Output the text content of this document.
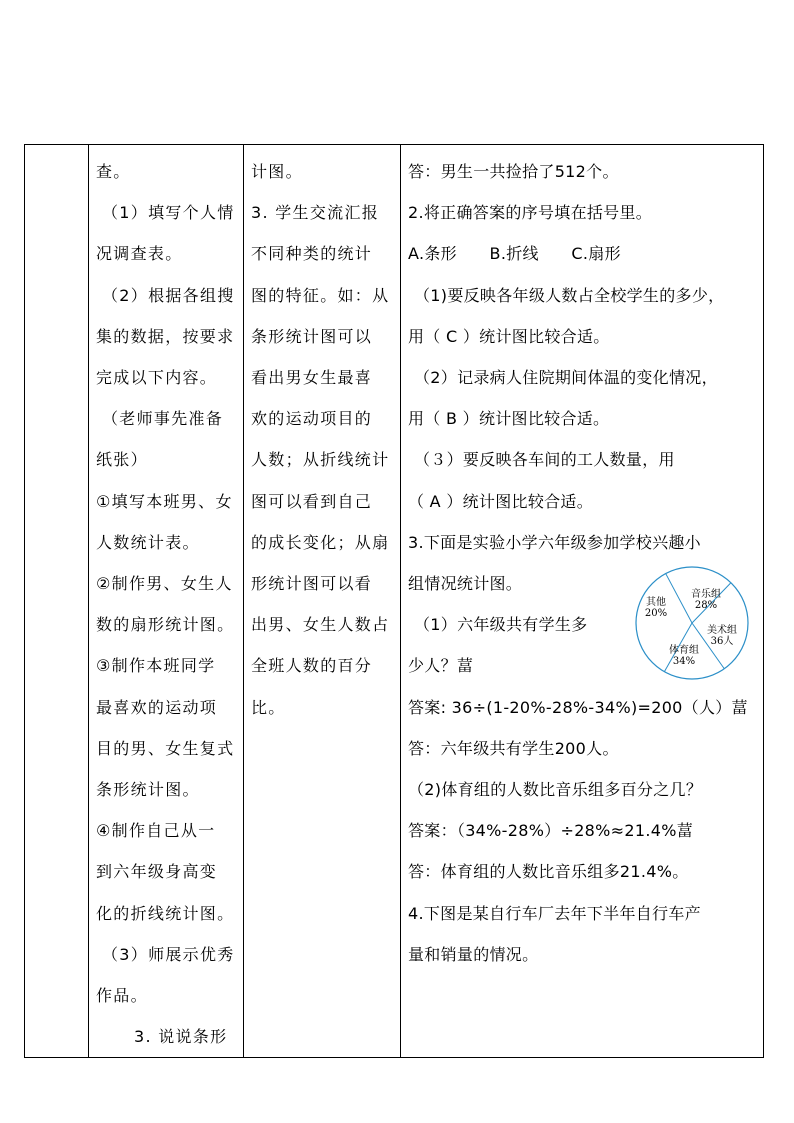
查。

（1）填写个人情

况调查表。

（2）根据各组搜

集的数据，按要求

完成以下内容。

（老师事先准备

纸张）

①填写本班男、女

人数统计表。

②制作男、女生人

数的扇形统计图。

③制作本班同学

最喜欢的运动项

目的男、女生复式

条形统计图。

④制作自己从一

到六年级身高变

化的折线统计图。

（3）师展示优秀

作品。

3. 说说条形

计图。

3. 学生交流汇报

不同种类的统计

图的特征。如：从

条形统计图可以

看出男女生最喜

欢的运动项目的

人数；从折线统计

图可以看到自己

的成长变化；从扇

形统计图可以看

出男、女生人数占

全班人数的百分

比。

答：男生一共捡拾了512个。

2.将正确答案的序号填在括号里。

A.条形　　B.折线　　C.扇形

（1)要反映各年级人数占全校学生的多少，

用（ C ）统计图比较合适。

（2）记录病人住院期间体温的变化情况，

用（ B ）统计图比较合适。

（３）要反映各车间的工人数量，用

（ A ）统计图比较合适。

3.下面是实验小学六年级参加学校兴趣小

组情况统计图。

（1）六年级共有学生多

少人？葍

答案: 36÷(1-20%-28%-34%)=200（人）葍

答：六年级共有学生200人。

（2)体育组的人数比音乐组多百分之几？

答案：（34%-28%）÷28%≈21.4%葍

答：体育组的人数比音乐组多21.4%。

4.下图是某自行车厂去年下半年自行车产

量和销量的情况。

其他
20%
音乐组
28%
美术组
36人
体育组
34%
